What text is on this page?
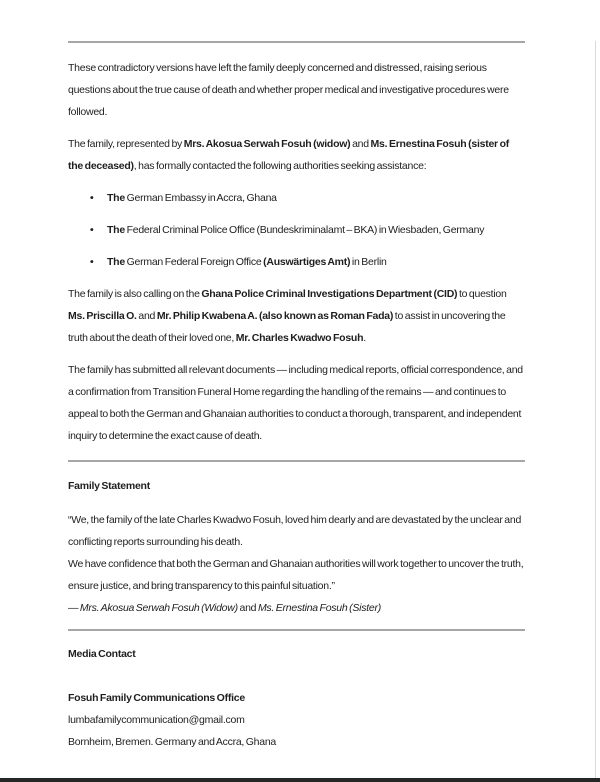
These contradictory versions have left the family deeply concerned and distressed, raising serious questions about the true cause of death and whether proper medical and investigative procedures were followed.

The family, represented by Mrs. Akosua Serwah Fosuh (widow) and Ms. Ernestina Fosuh (sister of the deceased), has formally contacted the following authorities seeking assistance:

•	The German Embassy in Accra, Ghana
•	The Federal Criminal Police Office (Bundeskriminalamt – BKA) in Wiesbaden, Germany
•	The German Federal Foreign Office (Auswärtiges Amt) in Berlin

The family is also calling on the Ghana Police Criminal Investigations Department (CID) to question Ms. Priscilla O. and Mr. Philip Kwabena A. (also known as Roman Fada) to assist in uncovering the truth about the death of their loved one, Mr. Charles Kwadwo Fosuh.

The family has submitted all relevant documents — including medical reports, official correspondence, and a confirmation from Transition Funeral Home regarding the handling of the remains — and continues to appeal to both the German and Ghanaian authorities to conduct a thorough, transparent, and independent inquiry to determine the exact cause of death.

Family Statement

“We, the family of the late Charles Kwadwo Fosuh, loved him dearly and are devastated by the unclear and conflicting reports surrounding his death.
We have confidence that both the German and Ghanaian authorities will work together to uncover the truth, ensure justice, and bring transparency to this painful situation.”
— Mrs. Akosua Serwah Fosuh (Widow) and Ms. Ernestina Fosuh (Sister)

Media Contact

Fosuh Family Communications Office

lumbafamilycommunication@gmail.com

Bornheim, Bremen. Germany and Accra, Ghana
